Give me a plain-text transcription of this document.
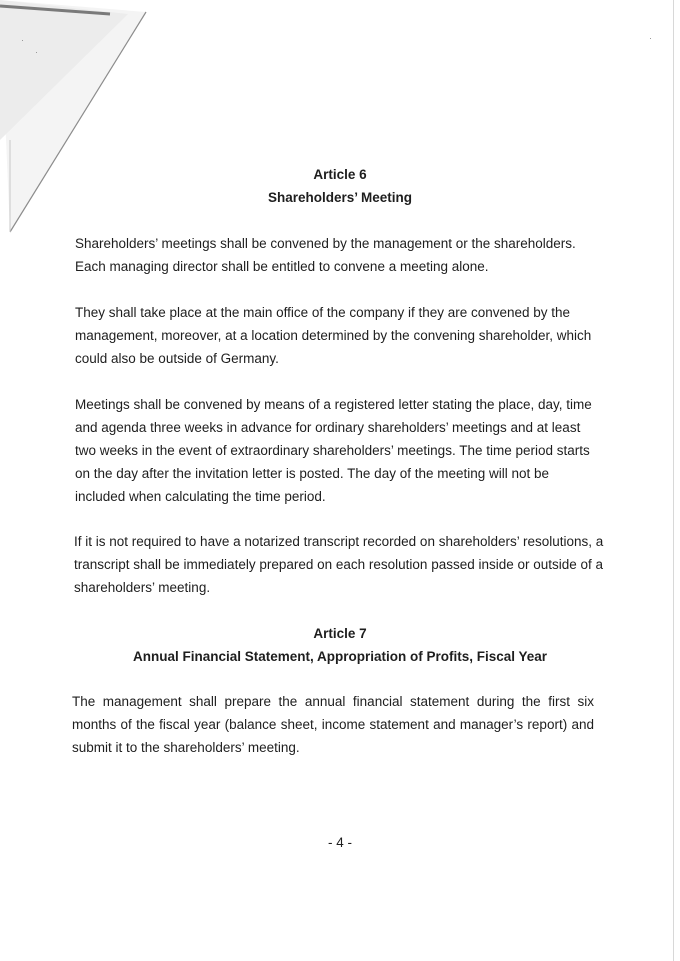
Article 6
Shareholders’ Meeting

Shareholders’ meetings shall be convened by the management or the shareholders. Each managing director shall be entitled to convene a meeting alone.

They shall take place at the main office of the company if they are convened by the management, moreover, at a location determined by the convening shareholder, which could also be outside of Germany.

Meetings shall be convened by means of a registered letter stating the place, day, time and agenda three weeks in advance for ordinary shareholders’ meetings and at least two weeks in the event of extraordinary shareholders’ meetings. The time period starts on the day after the invitation letter is posted. The day of the meeting will not be included when calculating the time period.

If it is not required to have a notarized transcript recorded on shareholders’ resolutions, a transcript shall be immediately prepared on each resolution passed inside or outside of a shareholders’ meeting.

Article 7
Annual Financial Statement, Appropriation of Profits, Fiscal Year

The management shall prepare the annual financial statement during the first six months of the fiscal year (balance sheet, income statement and manager’s report) and submit it to the shareholders’ meeting.

- 4 -
